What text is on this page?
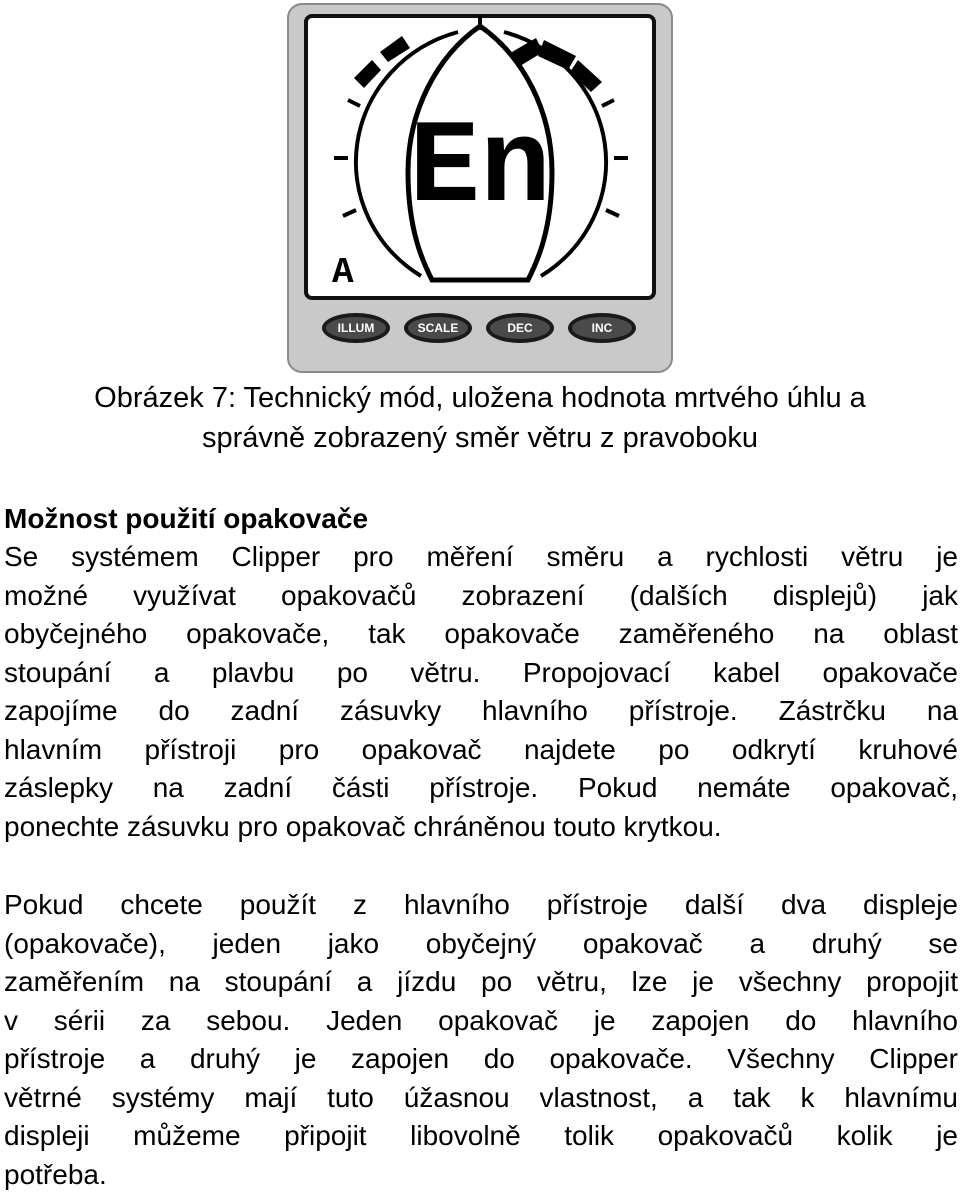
En
A
ILLUM	SCALE	DEC	INC
Obrázek 7: Technický mód, uložena hodnota mrtvého úhlu a
správně zobrazený směr větru z pravoboku
Možnost použití opakovače
Se systémem Clipper pro měření směru a rychlosti větru je
možné využívat opakovačů zobrazení (dalších displejů) jak
obyčejného opakovače, tak opakovače zaměřeného na oblast
stoupání a plavbu po větru. Propojovací kabel opakovače
zapojíme do zadní zásuvky hlavního přístroje. Zástrčku na
hlavním přístroji pro opakovač najdete po odkrytí kruhové
záslepky na zadní části přístroje. Pokud nemáte opakovač,
ponechte zásuvku pro opakovač chráněnou touto krytkou.
Pokud chcete použít z hlavního přístroje další dva displeje
(opakovače), jeden jako obyčejný opakovač a druhý se
zaměřením na stoupání a jízdu po větru, lze je všechny propojit
v sérii za sebou. Jeden opakovač je zapojen do hlavního
přístroje a druhý je zapojen do opakovače. Všechny Clipper
větrné systémy mají tuto úžasnou vlastnost, a tak k hlavnímu
displeji můžeme připojit libovolně tolik opakovačů kolik je
potřeba.
